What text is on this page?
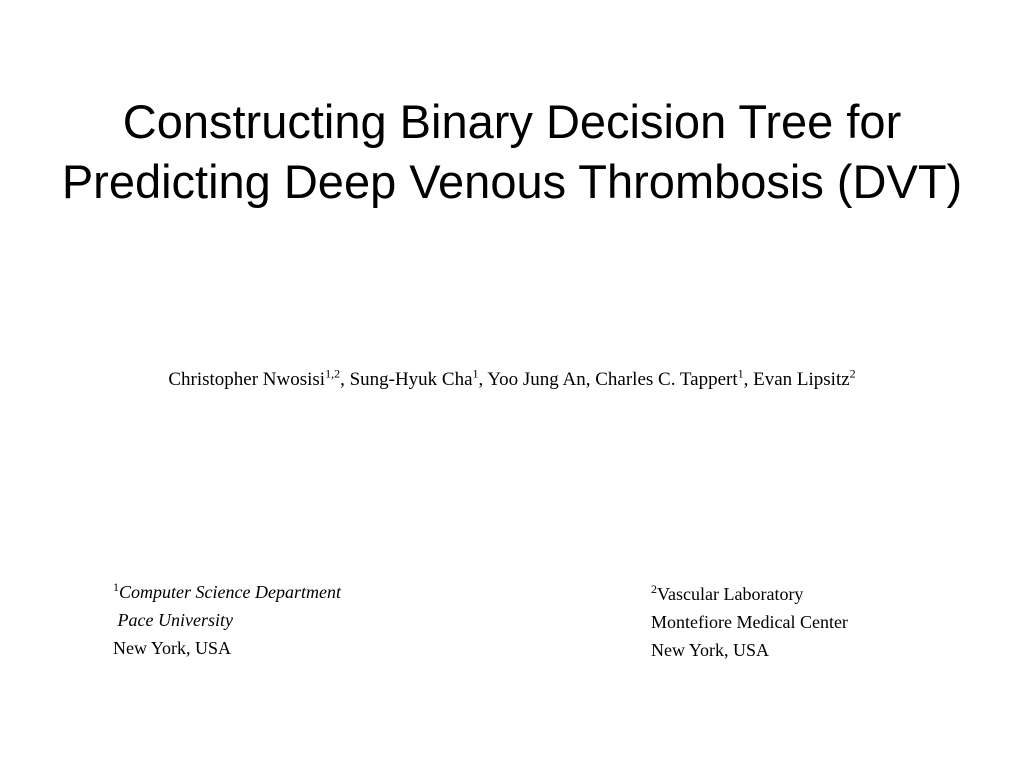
Constructing Binary Decision Tree for
Predicting Deep Venous Thrombosis (DVT)
Christopher Nwosisi$^{1,2}$, Sung-Hyuk Cha$^1$, Yoo Jung An, Charles C. Tappert$^1$, Evan Lipsitz$^2$
$^1$Computer Science Department
Pace University
New York, USA
$^2$Vascular Laboratory
Montefiore Medical Center
New York, USA
